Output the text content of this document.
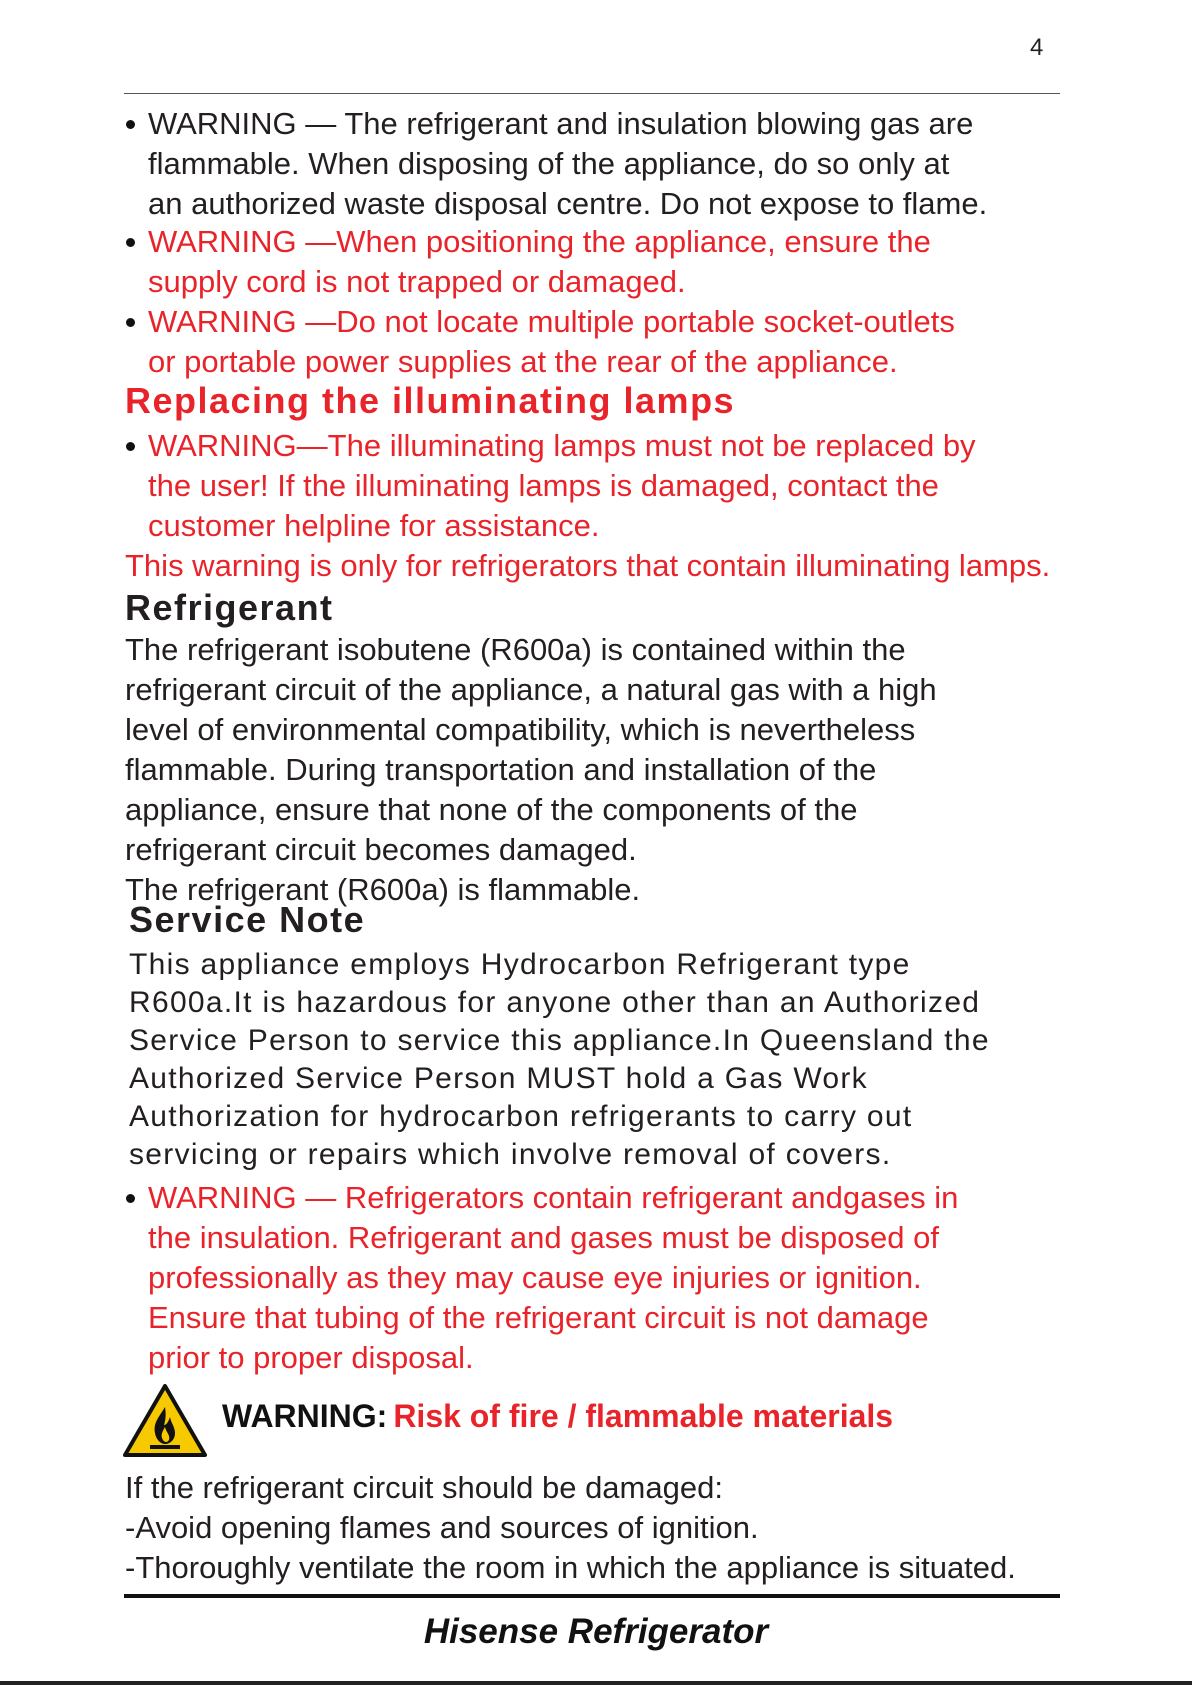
4
WARNING — The refrigerant and insulation blowing gas are
flammable. When disposing of the appliance, do so only at
an authorized waste disposal centre. Do not expose to flame.
WARNING —When positioning the appliance, ensure the
supply cord is not trapped or damaged.
WARNING —Do not locate multiple portable socket-outlets
or portable power supplies at the rear of the appliance.
Replacing the illuminating lamps
WARNING—The illuminating lamps must not be replaced by
the user! If the illuminating lamps is damaged, contact the
customer helpline for assistance.
This warning is only for refrigerators that contain illuminating lamps.
Refrigerant
The refrigerant isobutene (R600a) is contained within the
refrigerant circuit of the appliance, a natural gas with a high
level of environmental compatibility, which is nevertheless
flammable. During transportation and installation of the
appliance, ensure that none of the components of the
refrigerant circuit becomes damaged.
The refrigerant (R600a) is flammable.
Service Note
This appliance employs Hydrocarbon Refrigerant type
R600a.It is hazardous for anyone other than an Authorized
Service Person to service this appliance.In Queensland the
Authorized Service Person MUST hold a Gas Work
Authorization for hydrocarbon refrigerants to carry out
servicing or repairs which involve removal of covers.
WARNING — Refrigerators contain refrigerant andgases in
the insulation. Refrigerant and gases must be disposed of
professionally as they may cause eye injuries or ignition.
Ensure that tubing of the refrigerant circuit is not damage
prior to proper disposal.
WARNING: Risk of fire / flammable materials
If the refrigerant circuit should be damaged:
-Avoid opening flames and sources of ignition.
-Thoroughly ventilate the room in which the appliance is situated.
Hisense Refrigerator
